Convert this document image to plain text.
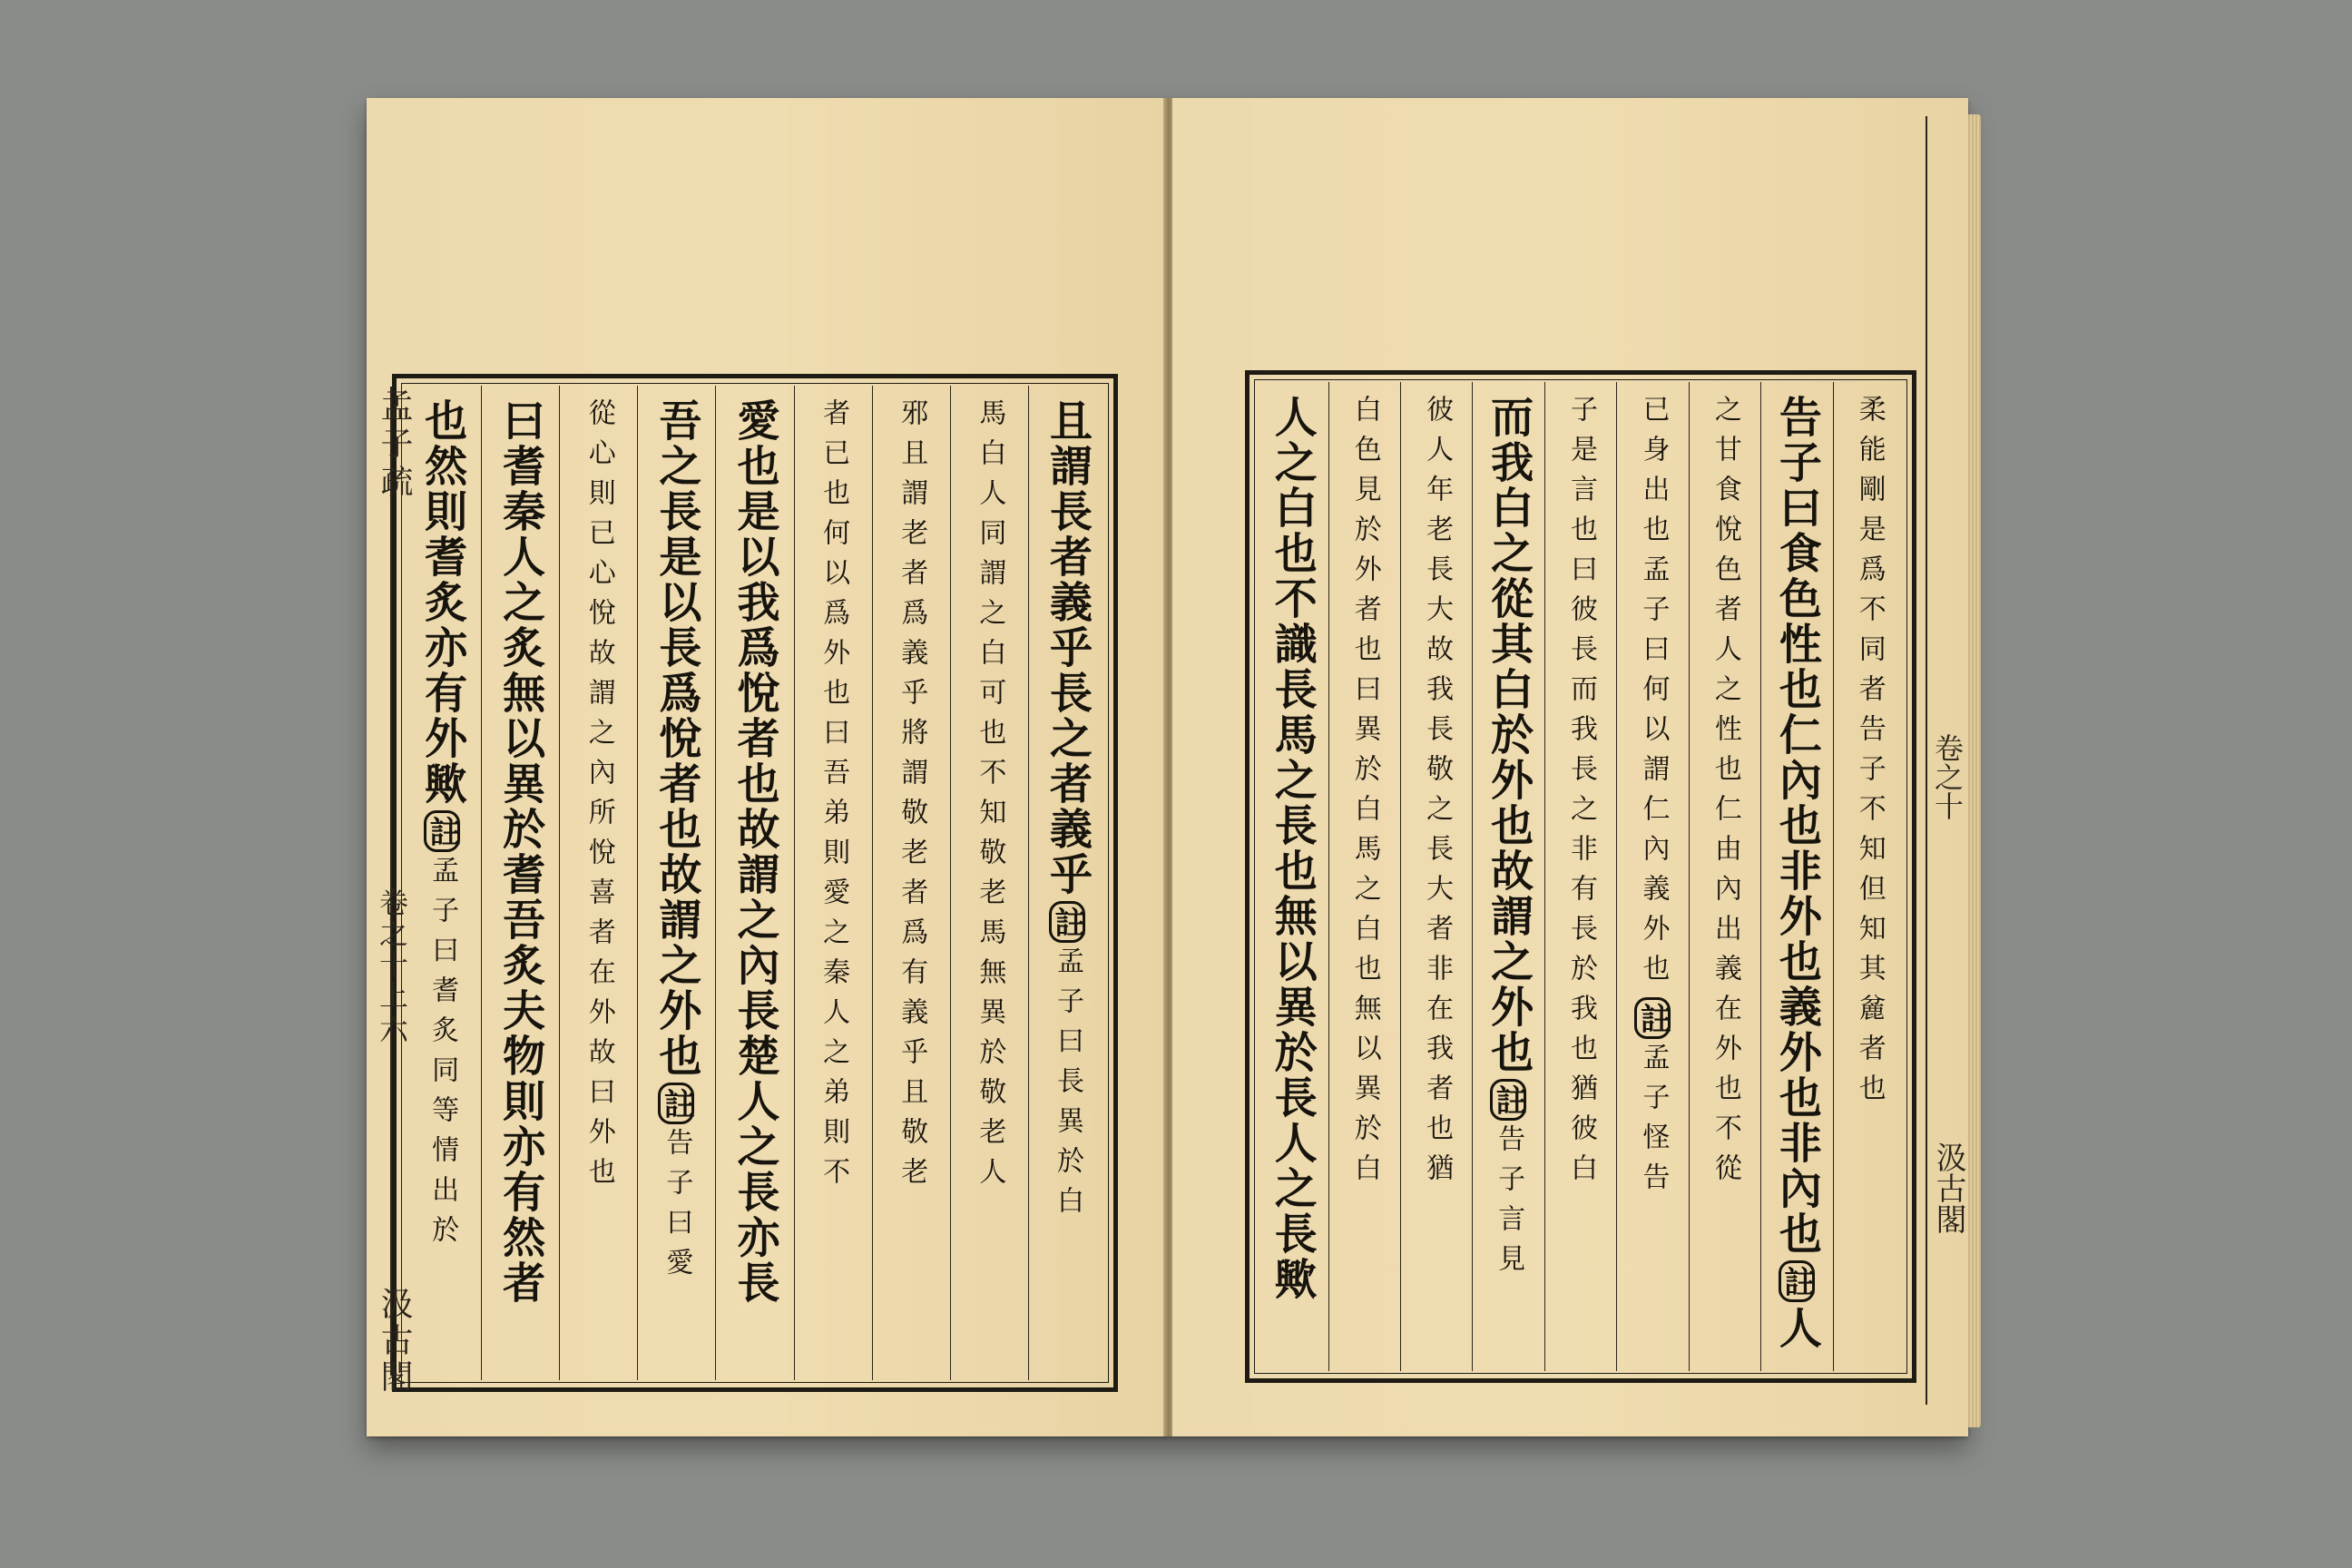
且謂長者義乎長之者義乎註孟子曰長異於白
馬白人同謂之白可也不知敬老馬無異於敬老人
邪且謂老者爲義乎將謂敬老者爲有義乎且敬老
者已也何以爲外也曰吾弟則愛之秦人之弟則不
愛也是以我爲悅者也故謂之內長楚人之長亦長
吾之長是以長爲悅者也故謂之外也註告子曰愛
從心則已心悅故謂之內所悅喜者在外故曰外也
曰耆秦人之炙無以異於耆吾炙夫物則亦有然者
也然則耆炙亦有外歟註孟子曰耆炙同等情出於
孟子疏
卷之十上
六
汲古閣
柔能剛是爲不同者告子不知但知其麄者也
告子曰食色性也仁內也非外也義外也非內也註人
之甘食悅色者人之性也仁由內出義在外也不從
已身出也孟子曰何以謂仁內義外也註孟子怪告
子是言也曰彼長而我長之非有長於我也猶彼白
而我白之從其白於外也故謂之外也註告子言見
彼人年老長大故我長敬之長大者非在我者也猶
白色見於外者也曰異於白馬之白也無以異於白
人之白也不識長馬之長也無以異於長人之長歟	卷之十
汲古閣
